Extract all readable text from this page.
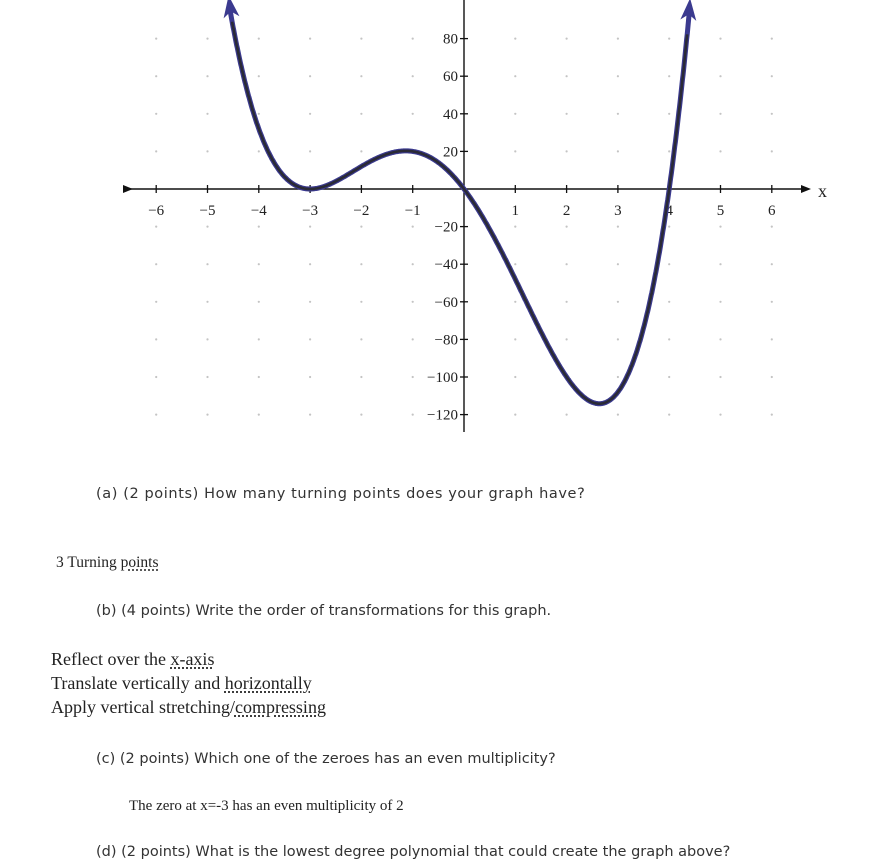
−6 −5 −4 −3 −2 −1	1	2	3	4	5	6
80
60
40
20
−20
−40
−60
−80
−100
−120
x
(a) (2 points) How many turning points does your graph have?
3 Turning points
(b) (4 points) Write the order of transformations for this graph.
Reflect over the x-axis
Translate vertically and horizontally
Apply vertical stretching/compressing
(c) (2 points) Which one of the zeroes has an even multiplicity?
The zero at x=-3 has an even multiplicity of 2
(d) (2 points) What is the lowest degree polynomial that could create the graph above?
